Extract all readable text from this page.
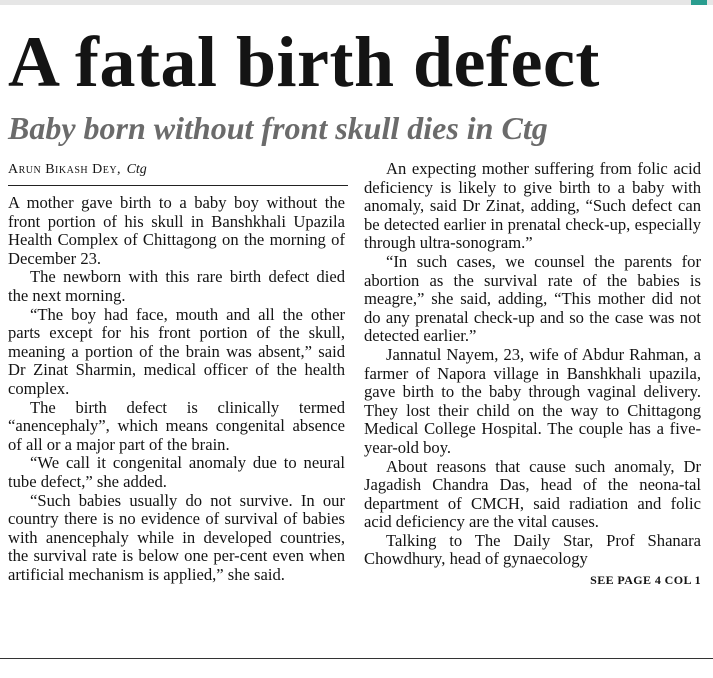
A fatal birth defect
Baby born without front skull dies in Ctg
Arun Bikash Dey, Ctg

A mother gave birth to a baby boy without the front portion of his skull in Banshkhali Upazila Health Complex of Chittagong on the morning of December 23.

The newborn with this rare birth defect died the next morning.

“The boy had face, mouth and all the other parts except for his front portion of the skull, meaning a portion of the brain was absent,” said Dr Zinat Sharmin, medical officer of the health complex.

The birth defect is clinically termed “anencephaly”, which means congenital absence of all or a major part of the brain.

“We call it congenital anomaly due to neural tube defect,” she added.

“Such babies usually do not survive. In our country there is no evidence of survival of babies with anencephaly while in developed countries, the survival rate is below one per-cent even when artificial mechanism is applied,” she said.

An expecting mother suffering from folic acid deficiency is likely to give birth to a baby with anomaly, said Dr Zinat, adding, “Such defect can be detected earlier in prenatal check-up, especially through ultra-sonogram.”

“In such cases, we counsel the parents for abortion as the survival rate of the babies is meagre,” she said, adding, “This mother did not do any prenatal check-up and so the case was not detected earlier.”

Jannatul Nayem, 23, wife of Abdur Rahman, a farmer of Napora village in Banshkhali upazila, gave birth to the baby through vaginal delivery. They lost their child on the way to Chittagong Medical College Hospital. The couple has a five-year-old boy.

About reasons that cause such anomaly, Dr Jagadish Chandra Das, head of the neona-tal department of CMCH, said radiation and folic acid deficiency are the vital causes.

Talking to The Daily Star, Prof Shanara Chowdhury, head of gynaecology

SEE PAGE 4 COL 1
